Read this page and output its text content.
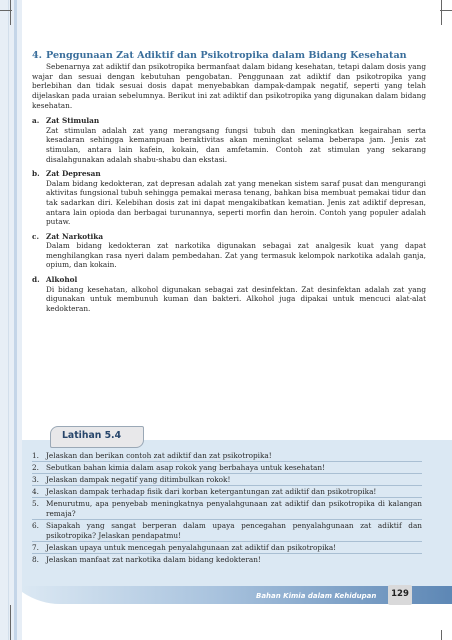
4. Penggunaan Zat Adiktif dan Psikotropika dalam Bidang Kesehatan

Sebenarnya zat adiktif dan psikotropika bermanfaat dalam bidang kesehatan, tetapi dalam dosis yang wajar dan sesuai dengan kebutuhan pengobatan. Penggunaan zat adiktif dan psikotropika yang berlebihan dan tidak sesuai dosis dapat menyebabkan dampak-dampak negatif, seperti yang telah dijelaskan pada uraian sebelumnya. Berikut ini zat adiktif dan psikotropika yang digunakan dalam bidang kesehatan.

a. Zat Stimulan

Zat stimulan adalah zat yang merangsang fungsi tubuh dan meningkatkan kegairahan serta kesadaran sehingga kemampuan beraktivitas akan meningkat selama beberapa jam. Jenis zat stimulan, antara lain kafein, kokain, dan amfetamin. Contoh zat stimulan yang sekarang disalahgunakan adalah shabu-shabu dan ekstasi.

b. Zat Depresan

Dalam bidang kedokteran, zat depresan adalah zat yang menekan sistem saraf pusat dan mengurangi aktivitas fungsional tubuh sehingga pemakai merasa tenang, bahkan bisa membuat pemakai tidur dan tak sadarkan diri. Kelebihan dosis zat ini dapat mengakibatkan kematian. Jenis zat adiktif depresan, antara lain opioda dan berbagai turunannya, seperti morfin dan heroin. Contoh yang populer adalah putaw.

c. Zat Narkotika

Dalam bidang kedokteran zat narkotika digunakan sebagai zat analgesik kuat yang dapat menghilangkan rasa nyeri dalam pembedahan. Zat yang termasuk kelompok narkotika adalah ganja, opium, dan kokain.

d. Alkohol

Di bidang kesehatan, alkohol digunakan sebagai zat desinfektan. Zat desinfektan adalah zat yang digunakan untuk membunuh kuman dan bakteri. Alkohol juga dipakai untuk mencuci alat-alat kedokteran.

Latihan 5.4
1. Jelaskan dan berikan contoh zat adiktif dan zat psikotropika!
2. Sebutkan bahan kimia dalam asap rokok yang berbahaya untuk kesehatan!
3. Jelaskan dampak negatif yang ditimbulkan rokok!
4. Jelaskan dampak terhadap fisik dari korban ketergantungan zat adiktif dan psikotropika!
5. Menurutmu, apa penyebab meningkatnya penyalahgunaan zat adiktif dan psikotropika di kalangan remaja?
6. Siapakah yang sangat berperan dalam upaya pencegahan penyalahgunaan zat adiktif dan psikotropika? Jelaskan pendapatmu!
7. Jelaskan upaya untuk mencegah penyalahgunaan zat adiktif dan psikotropika!
8. Jelaskan manfaat zat narkotika dalam bidang kedokteran!
Bahan Kimia dalam Kehidupan 129
